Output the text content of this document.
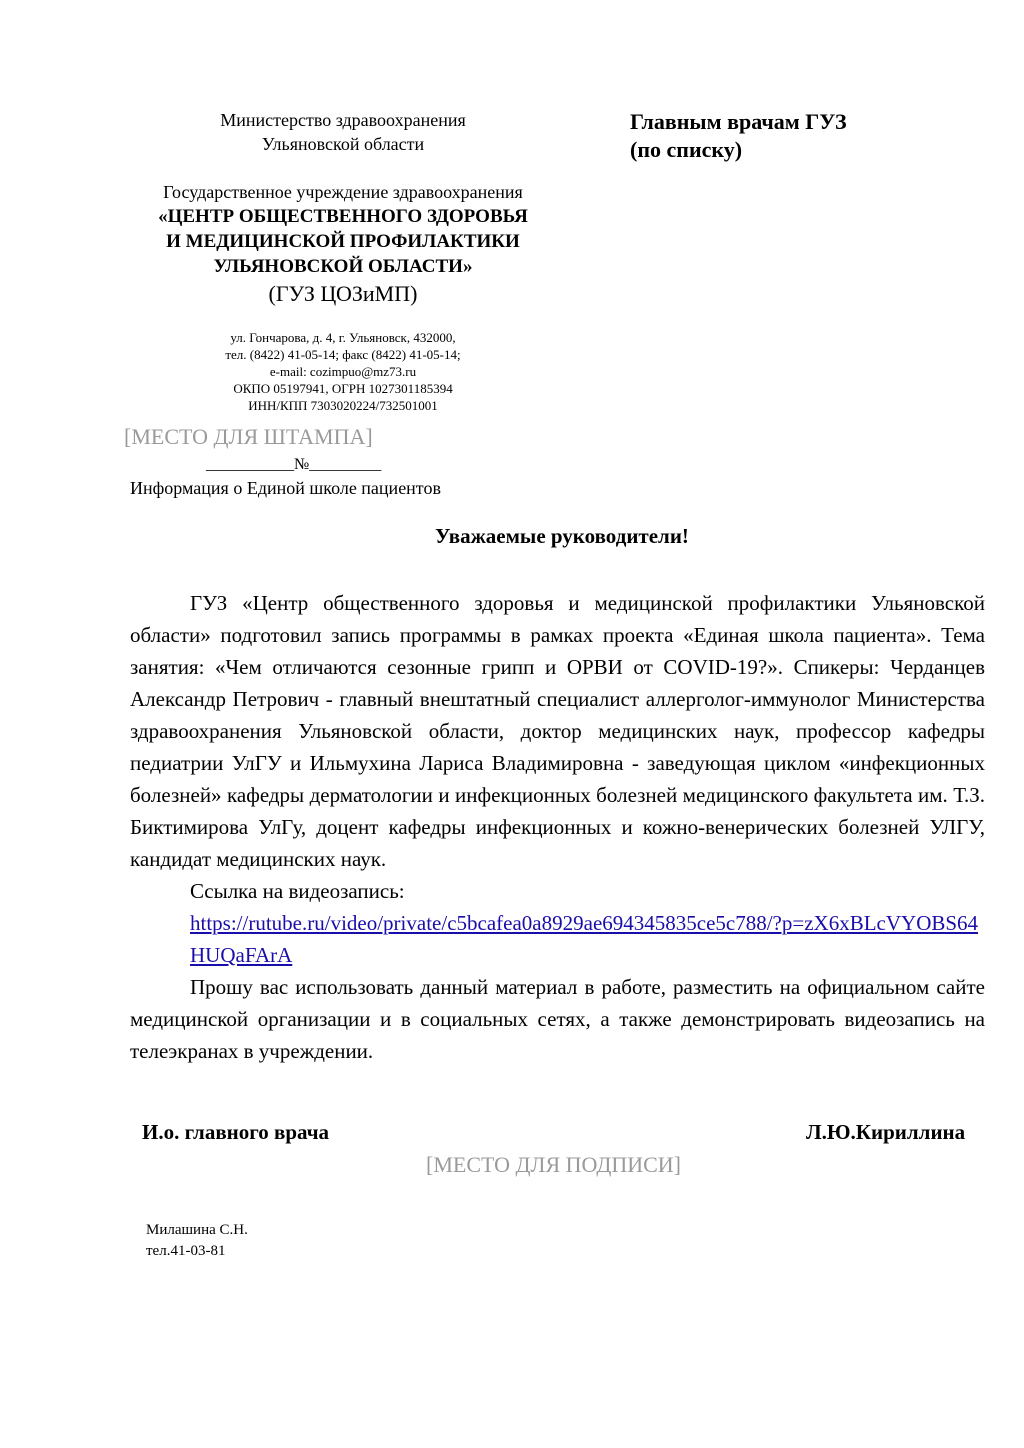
Министерство здравоохранения
Ульяновской области
Государственное учреждение здравоохранения
«ЦЕНТР ОБЩЕСТВЕННОГО ЗДОРОВЬЯ
И МЕДИЦИНСКОЙ ПРОФИЛАКТИКИ
УЛЬЯНОВСКОЙ ОБЛАСТИ»
(ГУЗ ЦОЗиМП)
ул. Гончарова, д. 4, г. Ульяновск, 432000,
тел. (8422) 41-05-14; факс (8422) 41-05-14;
e-mail: cozimpuo@mz73.ru
ОКПО 05197941, ОГРН 1027301185394
ИНН/КПП 7303020224/732501001
Главным врачам ГУЗ
(по списку)
[МЕСТО ДЛЯ ШТАМПА]
___________№_________
Информация о Единой школе пациентов
Уважаемые руководители!

ГУЗ «Центр общественного здоровья и медицинской профилактики Ульяновской области» подготовил запись программы в рамках проекта «Единая школа пациента». Тема занятия: «Чем отличаются сезонные грипп и ОРВИ от COVID-19?». Спикеры: Черданцев Александр Петрович - главный внештатный специалист аллерголог-иммунолог Министерства здравоохранения Ульяновской области, доктор медицинских наук, профессор кафедры педиатрии УлГУ и Ильмухина Лариса Владимировна - заведующая циклом «инфекционных болезней» кафедры дерматологии и инфекционных болезней медицинского факультета им. Т.З. Биктимирова УлГу, доцент кафедры инфекционных и кожно-венерических болезней УЛГУ, кандидат медицинских наук.

Ссылка на видеозапись:
https://rutube.ru/video/private/c5bcafea0a8929ae694345835ce5c788/?p=zX6xBLcVYOBS64HUQaFArA

Прошу вас использовать данный материал в работе, разместить на официальном сайте медицинской организации и в социальных сетях, а также демонстрировать видеозапись на телеэкранах в учреждении.

И.о. главного врача	Л.Ю.Кириллина
[МЕСТО ДЛЯ ПОДПИСИ]
Милашина С.Н.
тел.41-03-81
